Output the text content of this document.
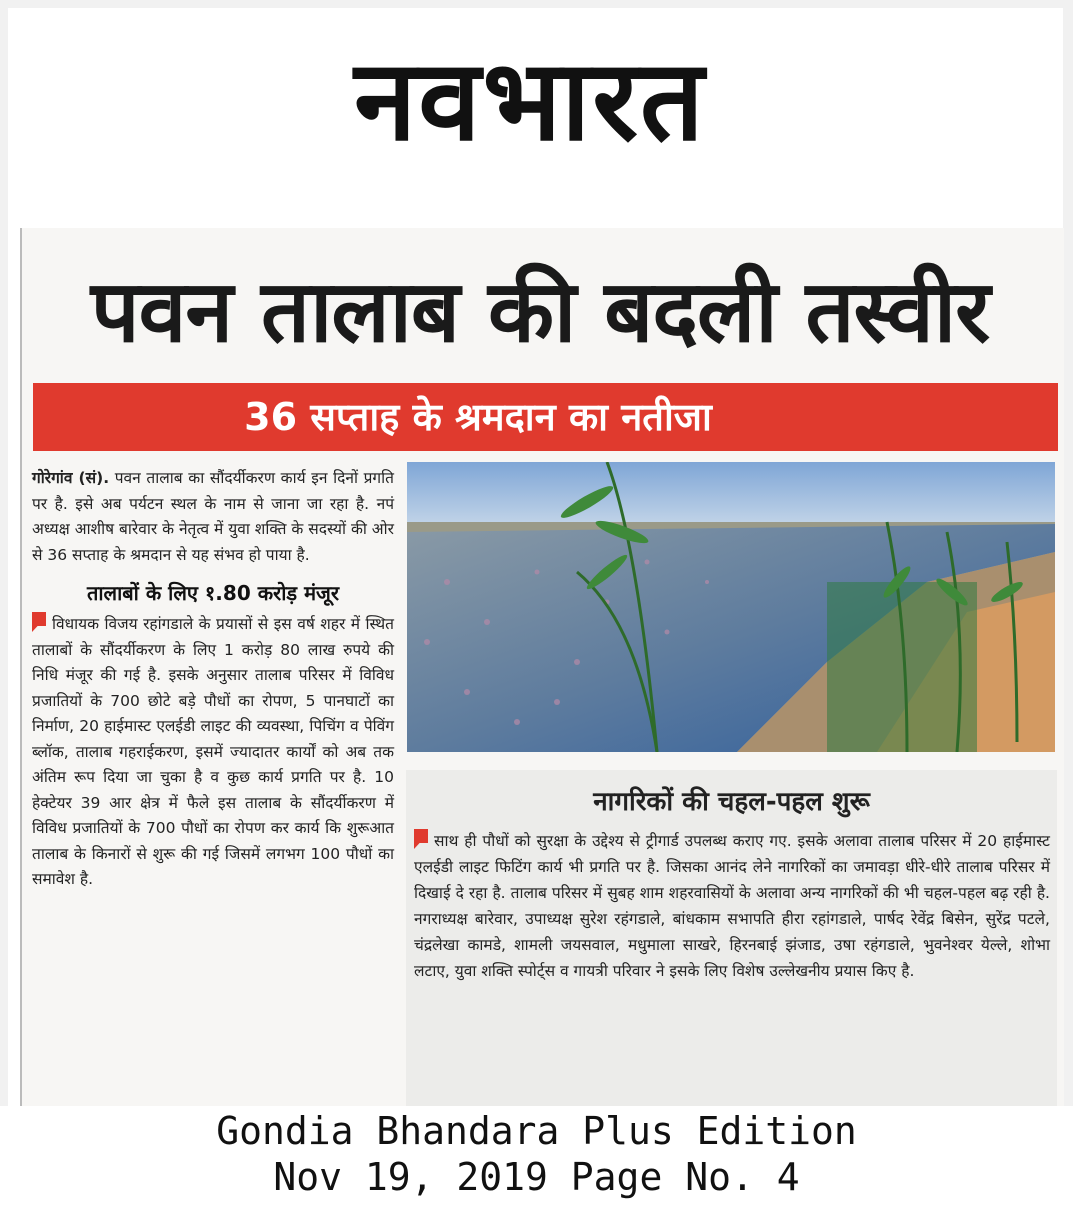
नवभारत
पवन तालाब की बदली तस्वीर
36 सप्ताह के श्रमदान का नतीजा

गोरेगांव (सं). पवन तालाब का सौंदर्यीकरण कार्य इन दिनों प्रगति पर है. इसे अब पर्यटन स्थल के नाम से जाना जा रहा है. नपं अध्यक्ष आशीष बारेवार के नेतृत्व में युवा शक्ति के सदस्यों की ओर से 36 सप्ताह के श्रमदान से यह संभव हो पाया है.

तालाबों के लिए १.80 करोड़ मंजूर

विधायक विजय रहांगडाले के प्रयासों से इस वर्ष शहर में स्थित तालाबों के सौंदर्यीकरण के लिए 1 करोड़ 80 लाख रुपये की निधि मंजूर की गई है. इसके अनुसार तालाब परिसर में विविध प्रजातियों के 700 छोटे बड़े पौधों का रोपण, 5 पानघाटों का निर्माण, 20 हाईमास्ट एलईडी लाइट की व्यवस्था, पिचिंग व पेविंग ब्लॉक, तालाब गहराईकरण, इसमें ज्यादातर कार्यों को अब तक अंतिम रूप दिया जा चुका है व कुछ कार्य प्रगति पर है. 10 हेक्टेयर 39 आर क्षेत्र में फैले इस तालाब के सौंदर्यीकरण में विविध प्रजातियों के 700 पौधों का रोपण कर कार्य कि शुरूआत तालाब के किनारों से शुरू की गई जिसमें लगभग 100 पौधों का समावेश है.

नागरिकों की चहल-पहल शुरू

साथ ही पौधों को सुरक्षा के उद्देश्य से ट्रीगार्ड उपलब्ध कराए गए. इसके अलावा तालाब परिसर में 20 हाईमास्ट एलईडी लाइट फिटिंग कार्य भी प्रगति पर है. जिसका आनंद लेने नागरिकों का जमावड़ा धीरे-धीरे तालाब परिसर में दिखाई दे रहा है. तालाब परिसर में सुबह शाम शहरवासियों के अलावा अन्य नागरिकों की भी चहल-पहल बढ़ रही है. नगराध्यक्ष बारेवार, उपाध्यक्ष सुरेश रहंगडाले, बांधकाम सभापति हीरा रहांगडाले, पार्षद रेवेंद्र बिसेन, सुरेंद्र पटले, चंद्रलेखा कामडे, शामली जयसवाल, मधुमाला साखरे, हिरनबाई झंजाड, उषा रहंगडाले, भुवनेश्वर येल्ले, शोभा लटाए, युवा शक्ति स्पोर्ट्स व गायत्री परिवार ने इसके लिए विशेष उल्लेखनीय प्रयास किए है.

Gondia Bhandara Plus Edition
Nov 19, 2019 Page No. 4
